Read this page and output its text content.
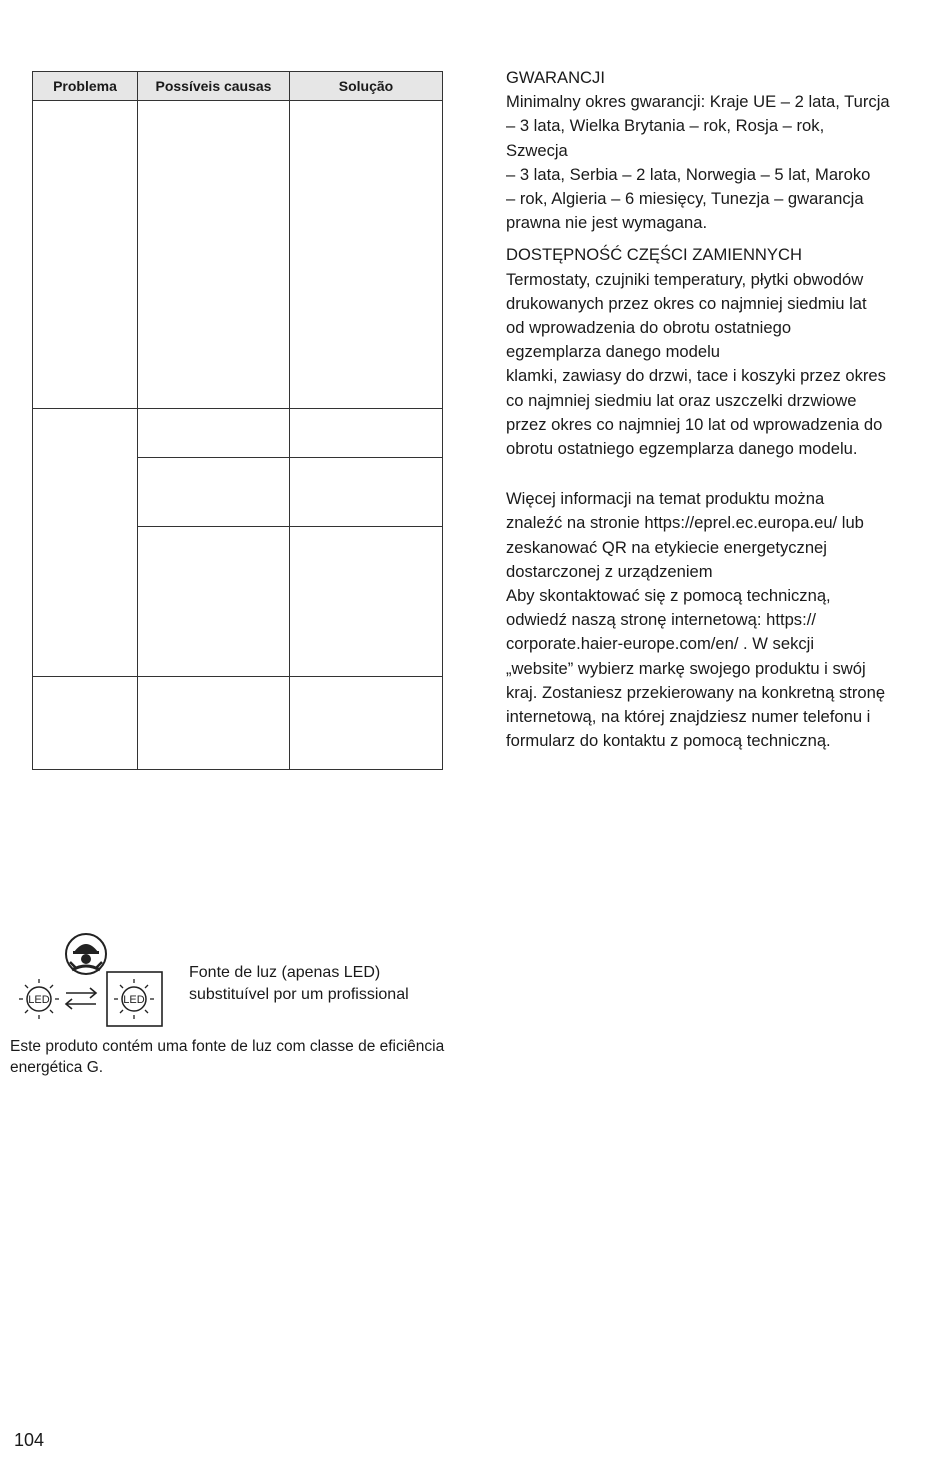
Problema	Possíveis causas	Solução

			GWARANCJI
Minimalny okres gwarancji: Kraje UE – 2 lata, Turcja
– 3 lata, Wielka Brytania – rok, Rosja – rok,
Szwecja
– 3 lata, Serbia – 2 lata, Norwegia – 5 lat, Maroko
– rok, Algieria – 6 miesięcy, Tunezja – gwarancja
prawna nie jest wymagana.
DOSTĘPNOŚĆ CZĘŚCI ZAMIENNYCH
Termostaty, czujniki temperatury, płytki obwodów
drukowanych przez okres co najmniej siedmiu lat
od wprowadzenia do obrotu ostatniego
egzemplarza danego modelu
klamki, zawiasy do drzwi, tace i koszyki przez okres
co najmniej siedmiu lat oraz uszczelki drzwiowe
przez okres co najmniej 10 lat od wprowadzenia do
obrotu ostatniego egzemplarza danego modelu.
Więcej informacji na temat produktu można
znaleźć na stronie https://eprel.ec.europa.eu/ lub
zeskanować QR na etykiecie energetycznej
dostarczonej z urządzeniem
Aby skontaktować się z pomocą techniczną,
odwiedź naszą stronę internetową: https://
corporate.haier-europe.com/en/ . W sekcji
„website” wybierz markę swojego produktu i swój
kraj. Zostaniesz przekierowany na konkretną stronę
internetową, na której znajdziesz numer telefonu i
formularz do kontaktu z pomocą techniczną.
LED	LED
Fonte de luz (apenas LED)
substituível por um profissional
Este produto contém uma fonte de luz com classe de eficiência
energética G.
104
